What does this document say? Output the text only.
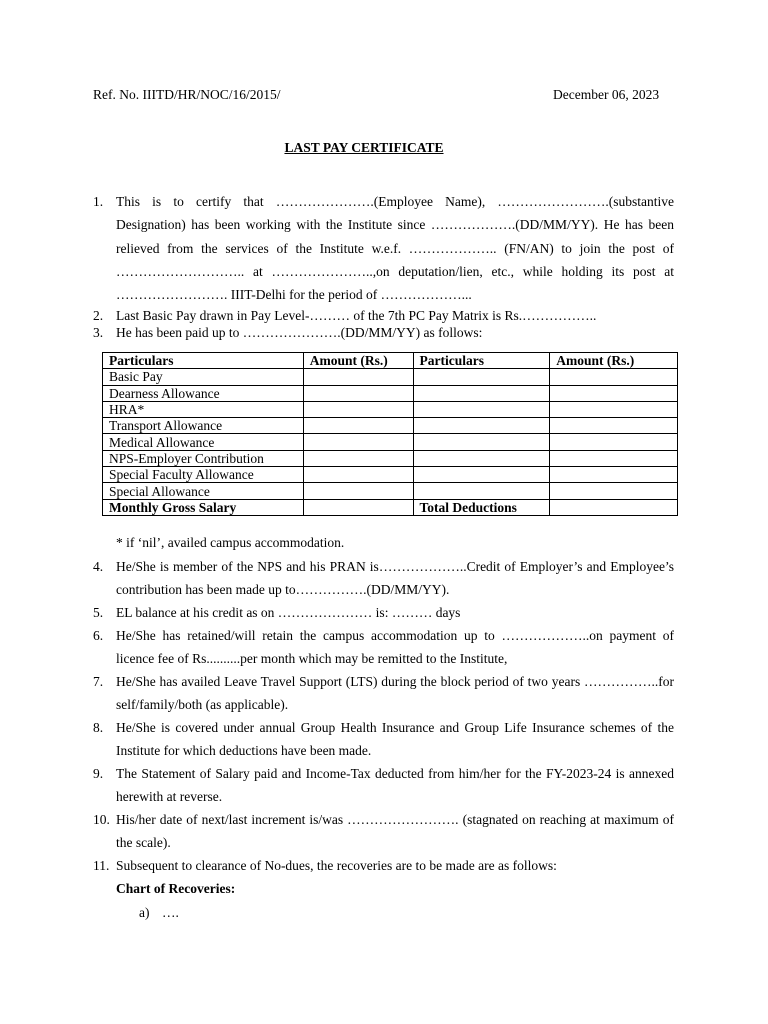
Ref. No. IIITD/HR/NOC/16/2015/	December 06, 2023
LAST PAY CERTIFICATE
1. This is to certify that ………………….(Employee Name), …………………….(substantive Designation) has been working with the Institute since ……………….(DD/MM/YY). He has been relieved from the services of the Institute w.e.f. ……………….. (FN/AN) to join the post of ……………………….. at …………………..,on deputation/lien, etc., while holding its post at ……………………. IIIT-Delhi for the period of ………………...
2. Last Basic Pay drawn in Pay Level-……… of the 7th PC Pay Matrix is Rs.……………..
3. He has been paid up to ………………….(DD/MM/YY) as follows:
Particulars	Amount (Rs.)	Particulars	Amount (Rs.)
Basic Pay			
Dearness Allowance			
HRA*			
Transport Allowance			
Medical Allowance			
NPS-Employer Contribution			
Special Faculty Allowance			
Special Allowance			
Monthly Gross Salary		Total Deductions	
* if ‘nil’, availed campus accommodation.
4. He/She is member of the NPS and his PRAN is………………..Credit of Employer’s and Employee’s contribution has been made up to…………….(DD/MM/YY).
5. EL balance at his credit as on ………………… is: ……… days
6. He/She has retained/will retain the campus accommodation up to ………………..on payment of licence fee of Rs..........per month which may be remitted to the Institute,
7. He/She has availed Leave Travel Support (LTS) during the block period of two years ……………..for self/family/both (as applicable).
8. He/She is covered under annual Group Health Insurance and Group Life Insurance schemes of the Institute for which deductions have been made.
9. The Statement of Salary paid and Income-Tax deducted from him/her for the FY-2023-24 is annexed herewith at reverse.
10. His/her date of next/last increment is/was ……………………. (stagnated on reaching at maximum of the scale).
11. Subsequent to clearance of No-dues, the recoveries are to be made are as follows:
Chart of Recoveries:
a) ….
